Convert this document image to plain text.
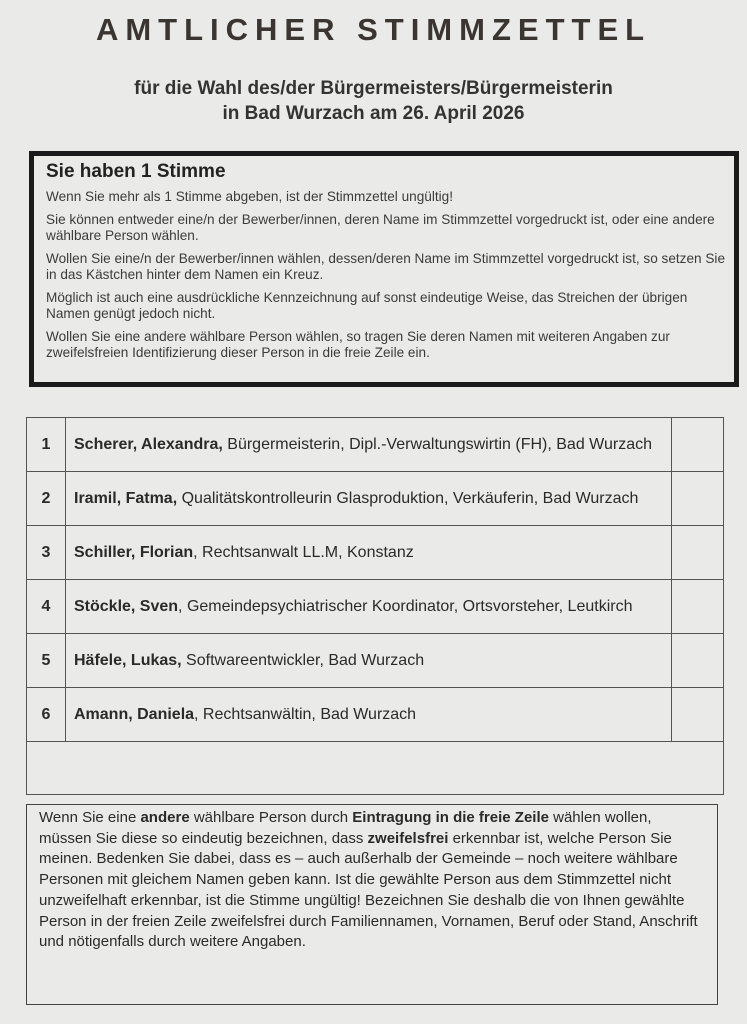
AMTLICHER STIMMZETTEL
für die Wahl des/der Bürgermeisters/Bürgermeisterin
in Bad Wurzach am 26. April 2026
Sie haben 1 Stimme

Wenn Sie mehr als 1 Stimme abgeben, ist der Stimmzettel ungültig!

Sie können entweder eine/n der Bewerber/innen, deren Name im Stimmzettel vorgedruckt ist, oder eine andere wählbare Person wählen.

Wollen Sie eine/n der Bewerber/innen wählen, dessen/deren Name im Stimmzettel vorgedruckt ist, so setzen Sie in das Kästchen hinter dem Namen ein Kreuz.

Möglich ist auch eine ausdrückliche Kennzeichnung auf sonst eindeutige Weise, das Streichen der übrigen Namen genügt jedoch nicht.

Wollen Sie eine andere wählbare Person wählen, so tragen Sie deren Namen mit weiteren Angaben zur zweifelsfreien Identifizierung dieser Person in die freie Zeile ein.

1	Scherer, Alexandra, Bürgermeisterin, Dipl.-Verwaltungswirtin (FH), Bad Wurzach	
2	Iramil, Fatma, Qualitätskontrolleurin Glasproduktion, Verkäuferin, Bad Wurzach	
3	Schiller, Florian, Rechtsanwalt LL.M, Konstanz	
4	Stöckle, Sven, Gemeindepsychiatrischer Koordinator, Ortsvorsteher, Leutkirch	
5	Häfele, Lukas, Softwareentwickler, Bad Wurzach	
6	Amann, Daniela, Rechtsanwältin, Bad Wurzach	

Wenn Sie eine andere wählbare Person durch Eintragung in die freie Zeile wählen wollen, müssen Sie diese so eindeutig bezeichnen, dass zweifelsfrei erkennbar ist, welche Person Sie meinen. Bedenken Sie dabei, dass es – auch außerhalb der Gemeinde – noch weitere wählbare Personen mit gleichem Namen geben kann. Ist die gewählte Person aus dem Stimmzettel nicht unzweifelhaft erkennbar, ist die Stimme ungültig! Bezeichnen Sie deshalb die von Ihnen gewählte Person in der freien Zeile zweifelsfrei durch Familiennamen, Vornamen, Beruf oder Stand, Anschrift und nötigenfalls durch weitere Angaben.
